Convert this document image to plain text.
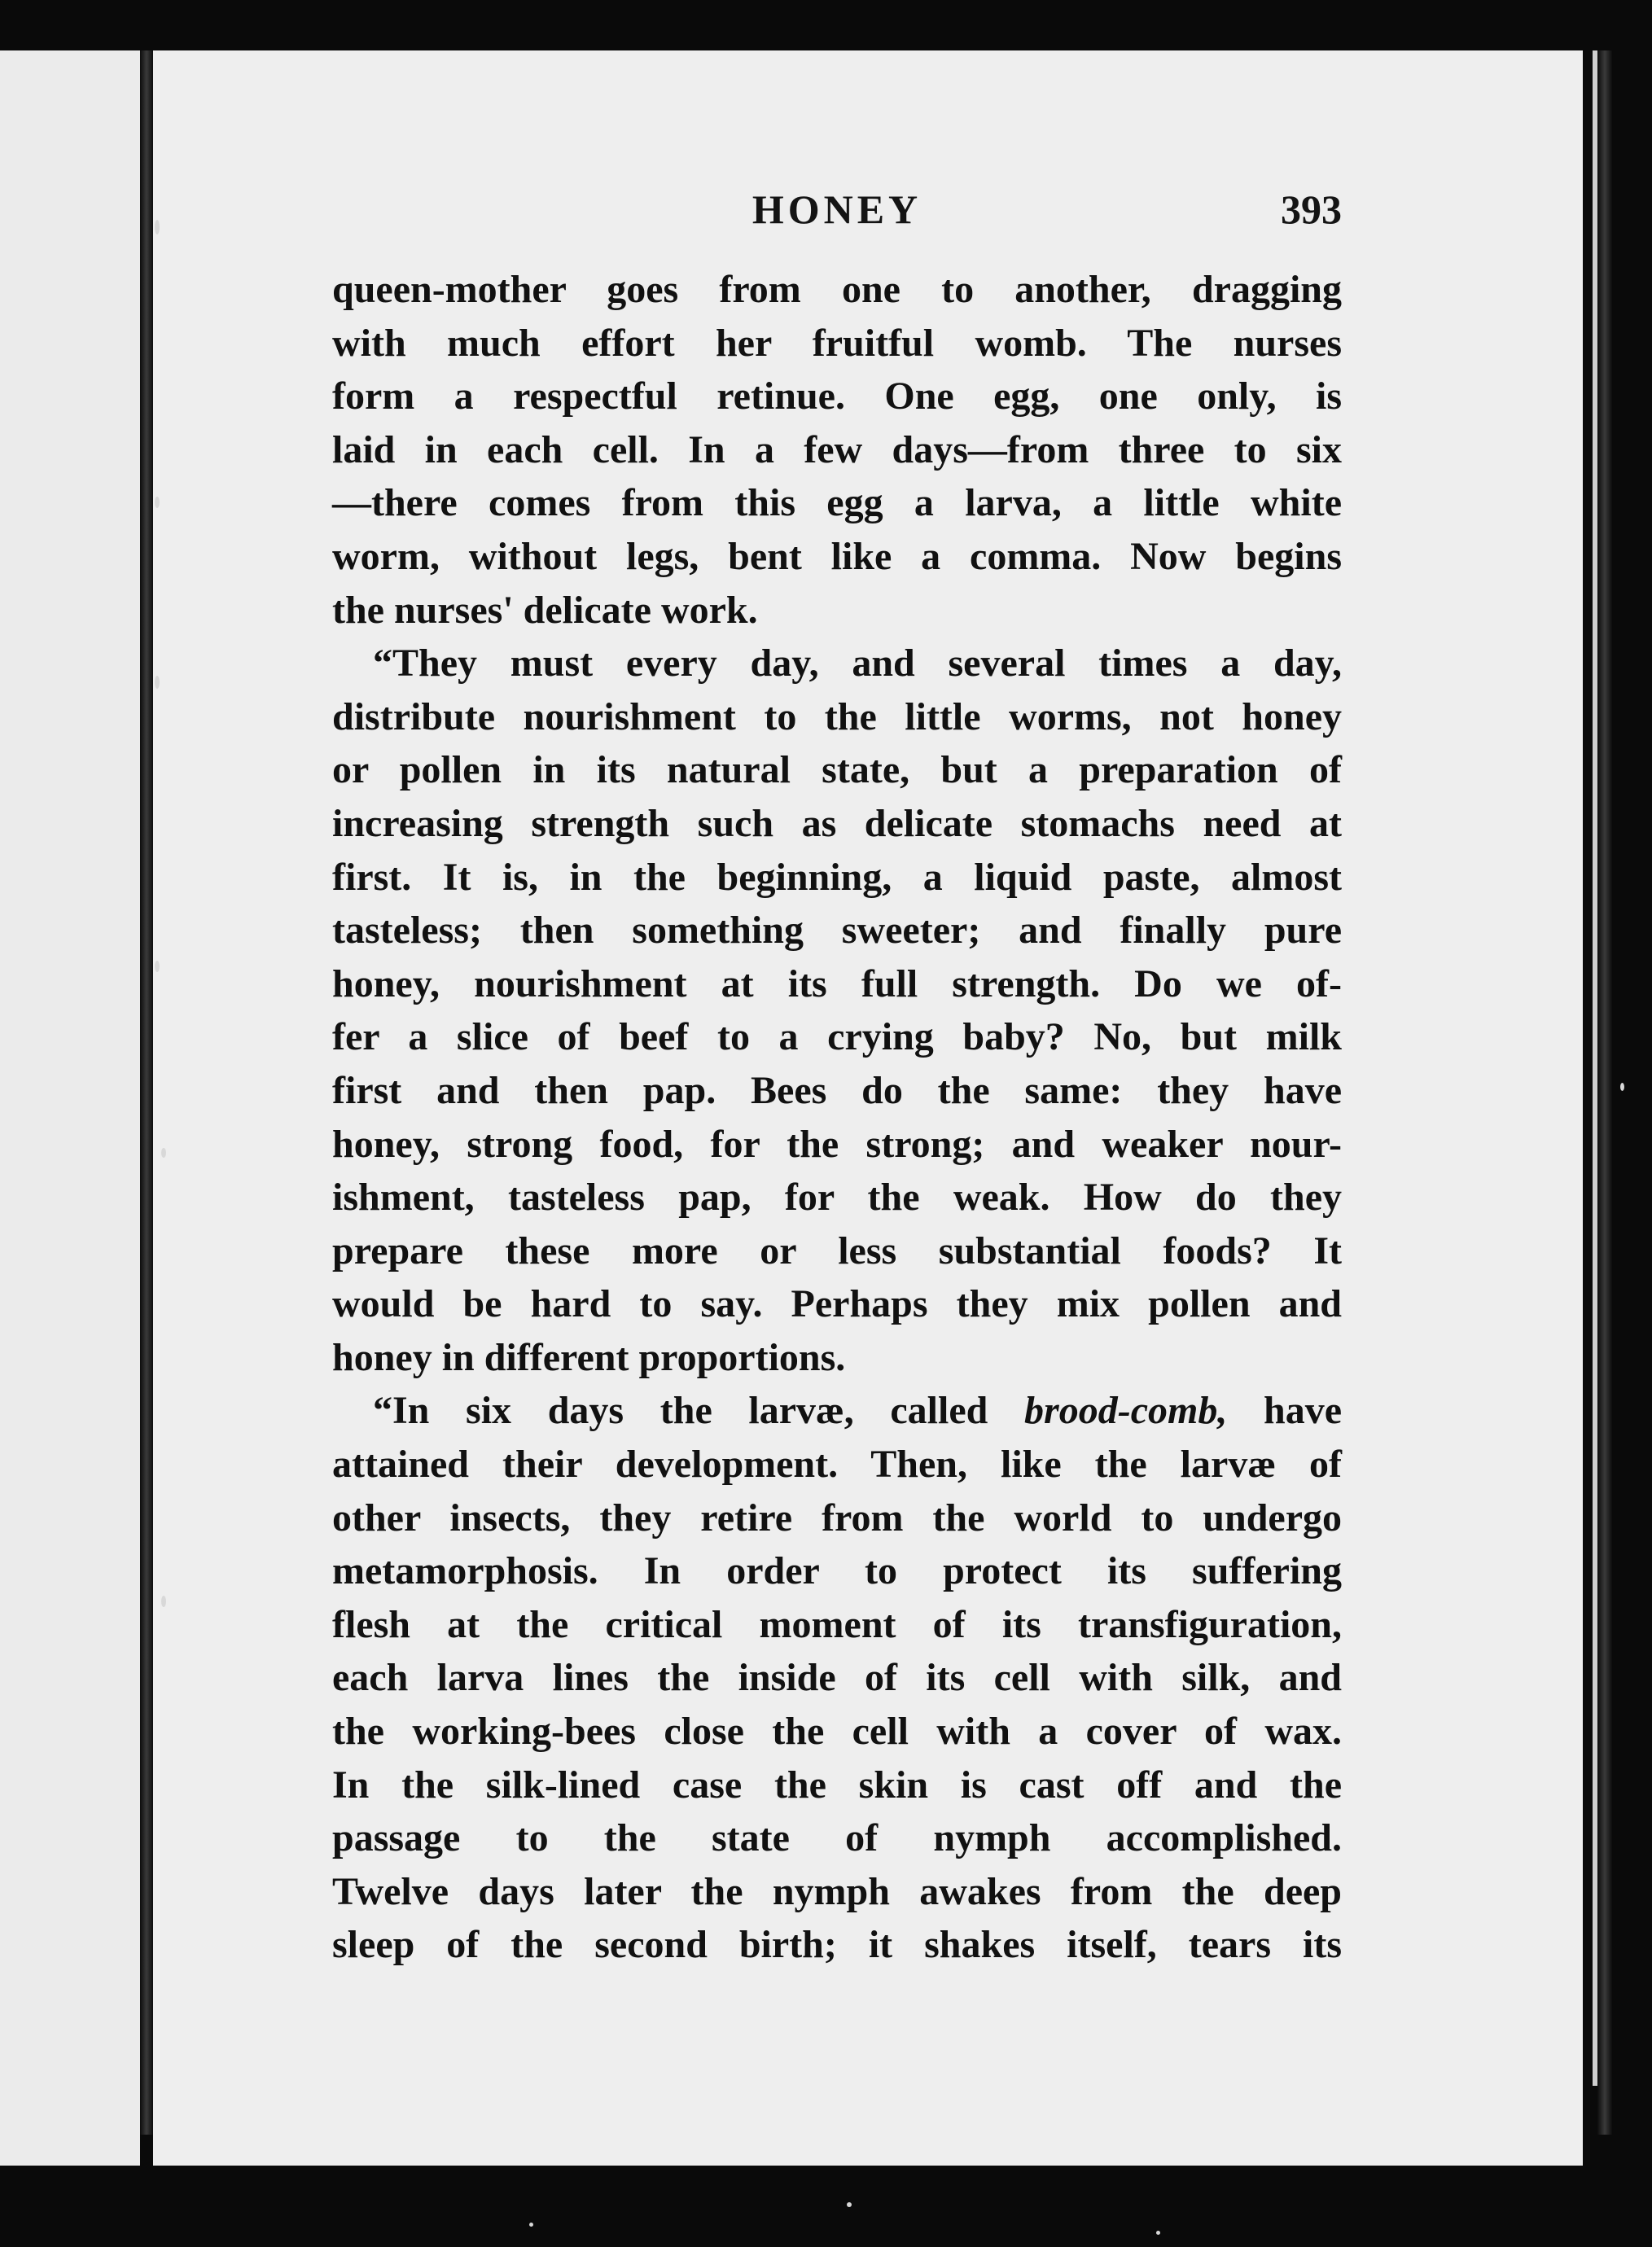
HONEY	393
queen-mother goes from one to another, dragging
with much effort her fruitful womb. The nurses
form a respectful retinue. One egg, one only, is
laid in each cell. In a few days—from three to six
—there comes from this egg a larva, a little white
worm, without legs, bent like a comma. Now begins
the nurses' delicate work.
“They must every day, and several times a day,
distribute nourishment to the little worms, not honey
or pollen in its natural state, but a preparation of
increasing strength such as delicate stomachs need at
first. It is, in the beginning, a liquid paste, almost
tasteless; then something sweeter; and finally pure
honey, nourishment at its full strength. Do we of-
fer a slice of beef to a crying baby? No, but milk
first and then pap. Bees do the same: they have
honey, strong food, for the strong; and weaker nour-
ishment, tasteless pap, for the weak. How do they
prepare these more or less substantial foods? It
would be hard to say. Perhaps they mix pollen and
honey in different proportions.
“In six days the larvæ, called brood-comb, have
attained their development. Then, like the larvæ of
other insects, they retire from the world to undergo
metamorphosis. In order to protect its suffering
flesh at the critical moment of its transfiguration,
each larva lines the inside of its cell with silk, and
the working-bees close the cell with a cover of wax.
In the silk-lined case the skin is cast off and the
passage to the state of nymph accomplished.
Twelve days later the nymph awakes from the deep
sleep of the second birth; it shakes itself, tears its
